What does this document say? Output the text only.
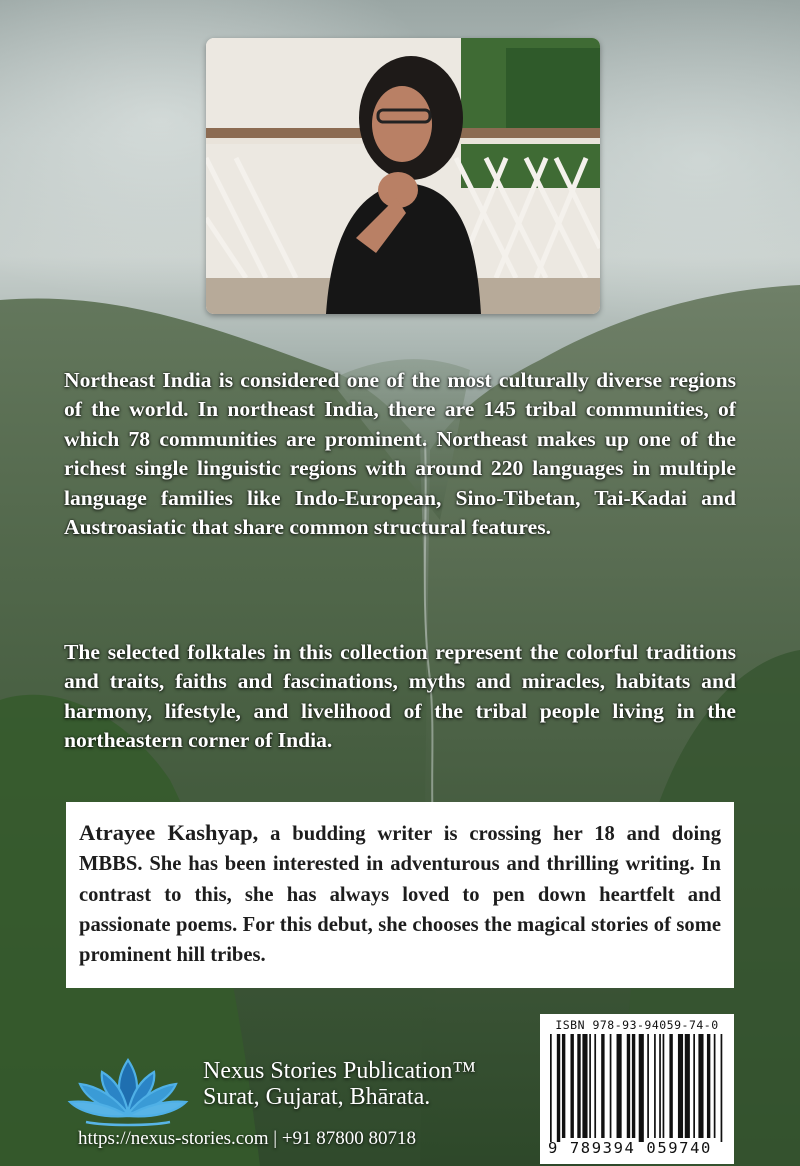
Northeast India is considered one of the most culturally diverse regions of the world. In northeast India, there are 145 tribal communities, of which 78 communities are prominent. Northeast makes up one of the richest single linguistic regions with around 220 languages in multiple language families like Indo-European, Sino-Tibetan, Tai-Kadai and Austroasiatic that share common structural features.

The selected folktales in this collection represent the colorful traditions and traits, faiths and fascinations, myths and miracles, habitats and harmony, lifestyle, and livelihood of the tribal people living in the northeastern corner of India.

Atrayee Kashyap, a budding writer is crossing her 18 and doing MBBS. She has been interested in adventurous and thrilling writing. In contrast to this, she has always loved to pen down heartfelt and passionate poems. For this debut, she chooses the magical stories of some prominent hill tribes.
Nexus Stories Publication™
Surat, Gujarat, Bhārata.
https://nexus-stories.com | +91 87800 80718
ISBN 978-93-94059-74-0
9 789394 059740
